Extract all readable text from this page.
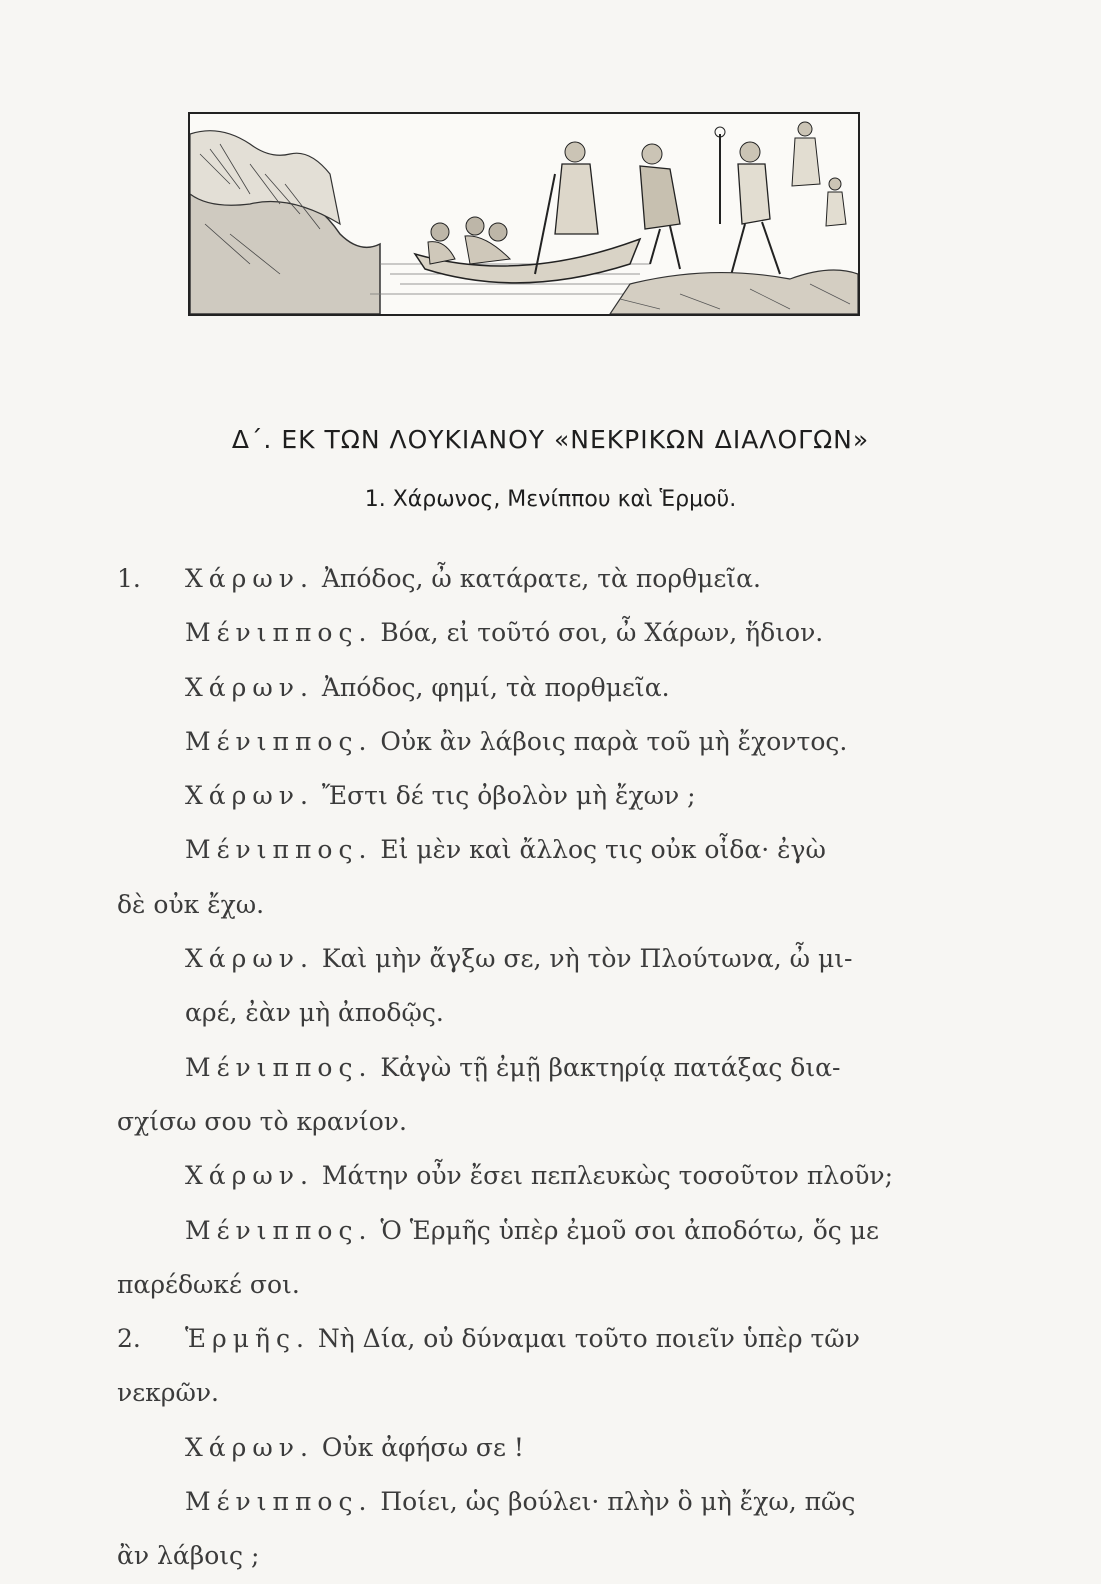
Δ΄. ΕΚ ΤΩΝ ΛΟΥΚΙΑΝΟΥ «ΝΕΚΡΙΚΩΝ ΔΙΑΛΟΓΩΝ»
1. Χάρωνος, Μενίππου καὶ Ἑρμοῦ.
1. Χάρων. Ἀπόδος, ὦ κατάρατε, τὰ πορθμεῖα.
Μένιππος. Βόα, εἰ τοῦτό σοι, ὦ Χάρων, ἥδιον.
Χάρων. Ἀπόδος, φημί, τὰ πορθμεῖα.
Μένιππος. Οὐκ ἂν λάβοις παρὰ τοῦ μὴ ἔχοντος.
Χάρων. Ἔστι δέ τις ὀβολὸν μὴ ἔχων ;
Μένιππος. Εἰ μὲν καὶ ἄλλος τις οὐκ οἶδα· ἐγὼ
δὲ οὐκ ἔχω.
Χάρων. Καὶ μὴν ἄγξω σε, νὴ τὸν Πλούτωνα, ὦ μι-
αρέ, ἐὰν μὴ ἀποδῷς.
Μένιππος. Κἀγὼ τῇ ἐμῇ βακτηρίᾳ πατάξας δια-
σχίσω σου τὸ κρανίον.
Χάρων. Μάτην οὖν ἔσει πεπλευκὼς τοσοῦτον πλοῦν;
Μένιππος. Ὁ Ἑρμῆς ὑπὲρ ἐμοῦ σοι ἀποδότω, ὅς με
παρέδωκέ σοι.
2. Ἑρμῆς. Νὴ Δία, οὐ δύναμαι τοῦτο ποιεῖν ὑπὲρ τῶν
νεκρῶν.
Χάρων. Οὐκ ἀφήσω σε !
Μένιππος. Ποίει, ὡς βούλει· πλὴν ὃ μὴ ἔχω, πῶς
ἂν λάβοις ;
